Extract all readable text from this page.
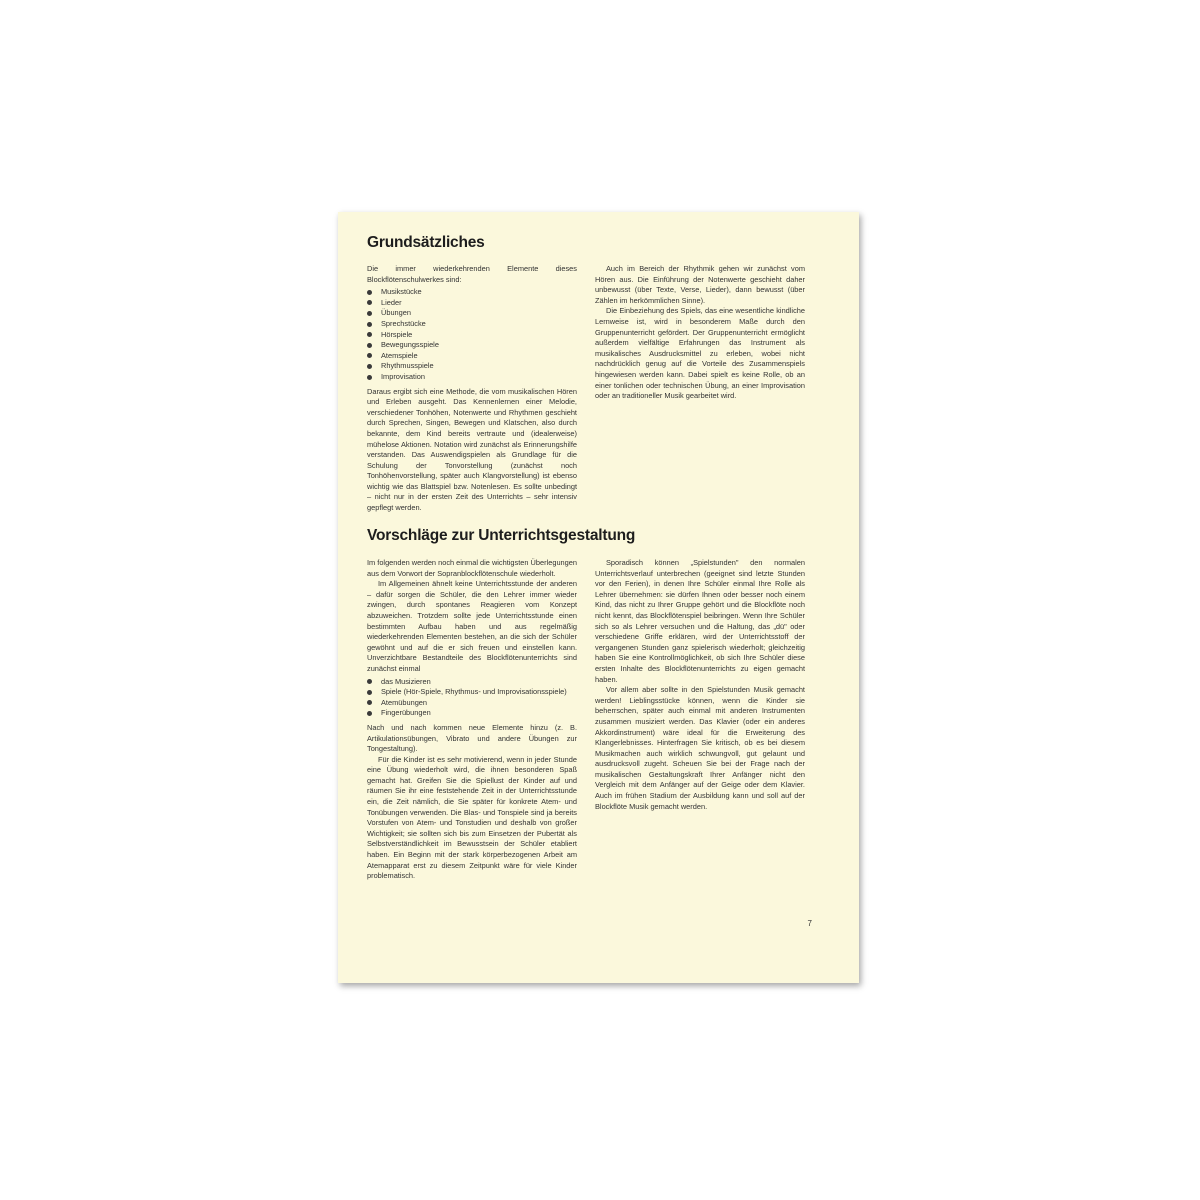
Grundsätzliches

Die immer wiederkehrenden Elemente dieses Blockflötenschulwerkes sind:

Musikstücke
Lieder
Übungen
Sprechstücke
Hörspiele
Bewegungsspiele
Atemspiele
Rhythmusspiele
Improvisation

Daraus ergibt sich eine Methode, die vom musikalischen Hören und Erleben ausgeht. Das Kennenlernen einer Melodie, verschiedener Tonhöhen, Notenwerte und Rhythmen geschieht durch Sprechen, Singen, Bewegen und Klatschen, also durch bekannte, dem Kind bereits vertraute und (idealerweise) mühelose Aktionen. Notation wird zunächst als Erinnerungshilfe verstanden. Das Auswendigspielen als Grundlage für die Schulung der Tonvorstellung (zunächst noch Tonhöhenvorstellung, später auch Klangvorstellung) ist ebenso wichtig wie das Blattspiel bzw. Notenlesen. Es sollte unbedingt – nicht nur in der ersten Zeit des Unterrichts – sehr intensiv gepflegt werden.

Auch im Bereich der Rhythmik gehen wir zunächst vom Hören aus. Die Einführung der Notenwerte geschieht daher unbewusst (über Texte, Verse, Lieder), dann bewusst (über Zählen im herkömmlichen Sinne).

Die Einbeziehung des Spiels, das eine wesentliche kindliche Lernweise ist, wird in besonderem Maße durch den Gruppenunterricht gefördert. Der Gruppenunterricht ermöglicht außerdem vielfältige Erfahrungen das Instrument als musikalisches Ausdrucksmittel zu erleben, wobei nicht nachdrücklich genug auf die Vorteile des Zusammenspiels hingewiesen werden kann. Dabei spielt es keine Rolle, ob an einer tonlichen oder technischen Übung, an einer Improvisation oder an traditioneller Musik gearbeitet wird.

Vorschläge zur Unterrichtsgestaltung

Im folgenden werden noch einmal die wichtigsten Überlegungen aus dem Vorwort der Sopranblockflötenschule wiederholt.

Im Allgemeinen ähnelt keine Unterrichtsstunde der anderen – dafür sorgen die Schüler, die den Lehrer immer wieder zwingen, durch spontanes Reagieren vom Konzept abzuweichen. Trotzdem sollte jede Unterrichtsstunde einen bestimmten Aufbau haben und aus regelmäßig wiederkehrenden Elementen bestehen, an die sich der Schüler gewöhnt und auf die er sich freuen und einstellen kann. Unverzichtbare Bestandteile des Blockflötenunterrichts sind zunächst einmal

das Musizieren
Spiele (Hör-Spiele, Rhythmus- und Improvisationsspiele)
Atemübungen
Fingerübungen

Nach und nach kommen neue Elemente hinzu (z. B. Artikulationsübungen, Vibrato und andere Übungen zur Tongestaltung).

Für die Kinder ist es sehr motivierend, wenn in jeder Stunde eine Übung wiederholt wird, die ihnen besonderen Spaß gemacht hat. Greifen Sie die Spiellust der Kinder auf und räumen Sie ihr eine feststehende Zeit in der Unterrichtsstunde ein, die Zeit nämlich, die Sie später für konkrete Atem- und Tonübungen verwenden. Die Blas- und Tonspiele sind ja bereits Vorstufen von Atem- und Tonstudien und deshalb von großer Wichtigkeit; sie sollten sich bis zum Einsetzen der Pubertät als Selbstverständlichkeit im Bewusstsein der Schüler etabliert haben. Ein Beginn mit der stark körperbezogenen Arbeit am Atemapparat erst zu diesem Zeitpunkt wäre für viele Kinder problematisch.

Sporadisch können „Spielstunden" den normalen Unterrichtsverlauf unterbrechen (geeignet sind letzte Stunden vor den Ferien), in denen Ihre Schüler einmal Ihre Rolle als Lehrer übernehmen: sie dürfen Ihnen oder besser noch einem Kind, das nicht zu Ihrer Gruppe gehört und die Blockflöte noch nicht kennt, das Blockflötenspiel beibringen. Wenn Ihre Schüler sich so als Lehrer versuchen und die Haltung, das „dü" oder verschiedene Griffe erklären, wird der Unterrichtsstoff der vergangenen Stunden ganz spielerisch wiederholt; gleichzeitig haben Sie eine Kontrollmöglichkeit, ob sich Ihre Schüler diese ersten Inhalte des Blockflötenunterrichts zu eigen gemacht haben.

Vor allem aber sollte in den Spielstunden Musik gemacht werden! Lieblingsstücke können, wenn die Kinder sie beherrschen, später auch einmal mit anderen Instrumenten zusammen musiziert werden. Das Klavier (oder ein anderes Akkordinstrument) wäre ideal für die Erweiterung des Klangerlebnisses. Hinterfragen Sie kritisch, ob es bei diesem Musikmachen auch wirklich schwungvoll, gut gelaunt und ausdrucksvoll zugeht. Scheuen Sie bei der Frage nach der musikalischen Gestaltungskraft Ihrer Anfänger nicht den Vergleich mit dem Anfänger auf der Geige oder dem Klavier. Auch im frühen Stadium der Ausbildung kann und soll auf der Blockflöte Musik gemacht werden.

7
